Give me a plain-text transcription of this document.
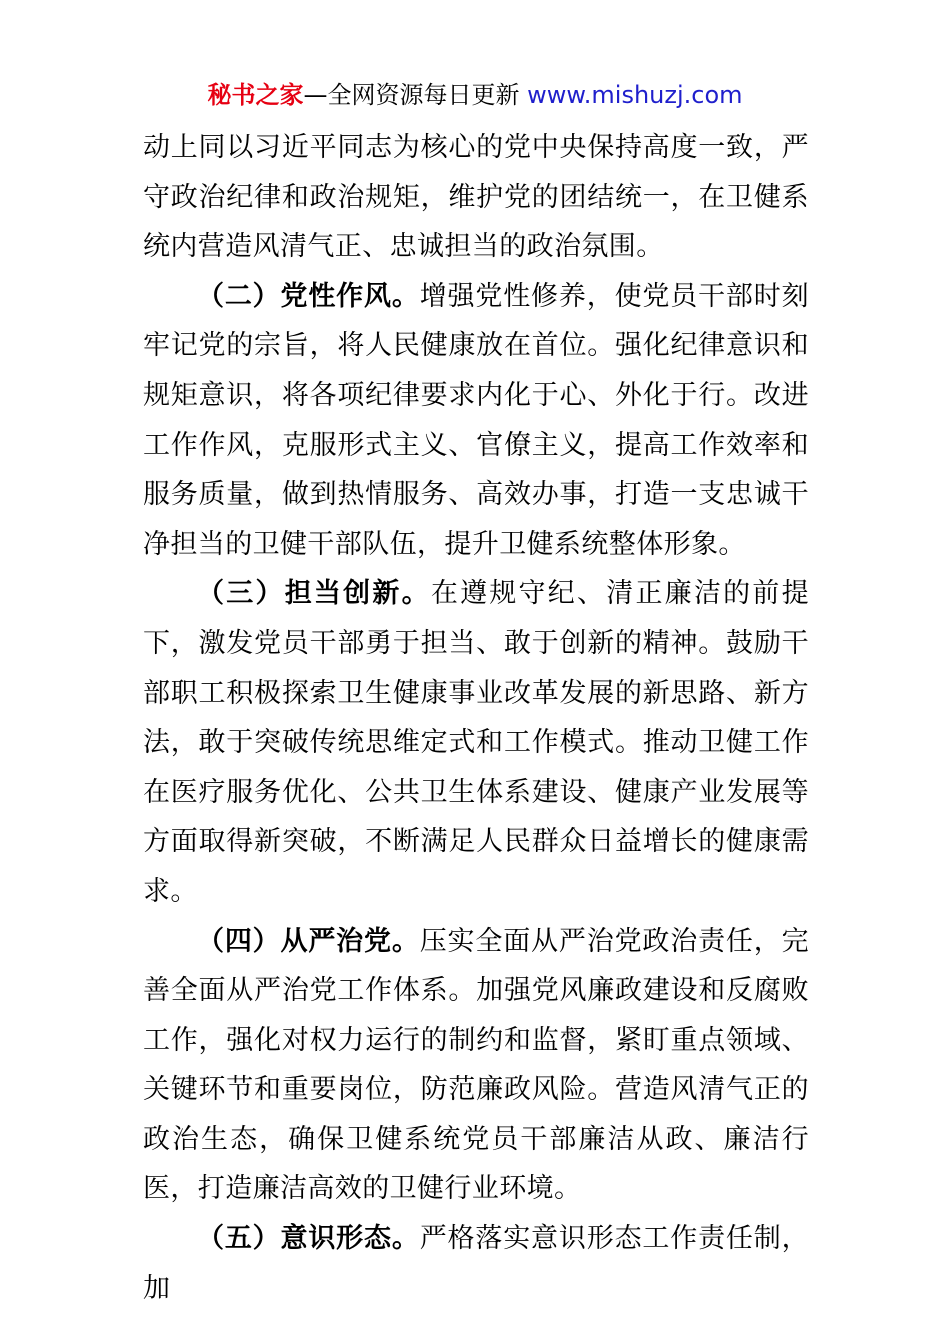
秘书之家—全网资源每日更新 www.mishuzj.com

动上同以习近平同志为核心的党中央保持高度一致，严守政治纪律和政治规矩，维护党的团结统一，在卫健系统内营造风清气正、忠诚担当的政治氛围。

（二）党性作风。增强党性修养，使党员干部时刻牢记党的宗旨，将人民健康放在首位。强化纪律意识和规矩意识，将各项纪律要求内化于心、外化于行。改进工作作风，克服形式主义、官僚主义，提高工作效率和服务质量，做到热情服务、高效办事，打造一支忠诚干净担当的卫健干部队伍，提升卫健系统整体形象。

（三）担当创新。在遵规守纪、清正廉洁的前提下，激发党员干部勇于担当、敢于创新的精神。鼓励干部职工积极探索卫生健康事业改革发展的新思路、新方法，敢于突破传统思维定式和工作模式。推动卫健工作在医疗服务优化、公共卫生体系建设、健康产业发展等方面取得新突破，不断满足人民群众日益增长的健康需求。

（四）从严治党。压实全面从严治党政治责任，完善全面从严治党工作体系。加强党风廉政建设和反腐败工作，强化对权力运行的制约和监督，紧盯重点领域、关键环节和重要岗位，防范廉政风险。营造风清气正的政治生态，确保卫健系统党员干部廉洁从政、廉洁行医，打造廉洁高效的卫健行业环境。

（五）意识形态。严格落实意识形态工作责任制，加
